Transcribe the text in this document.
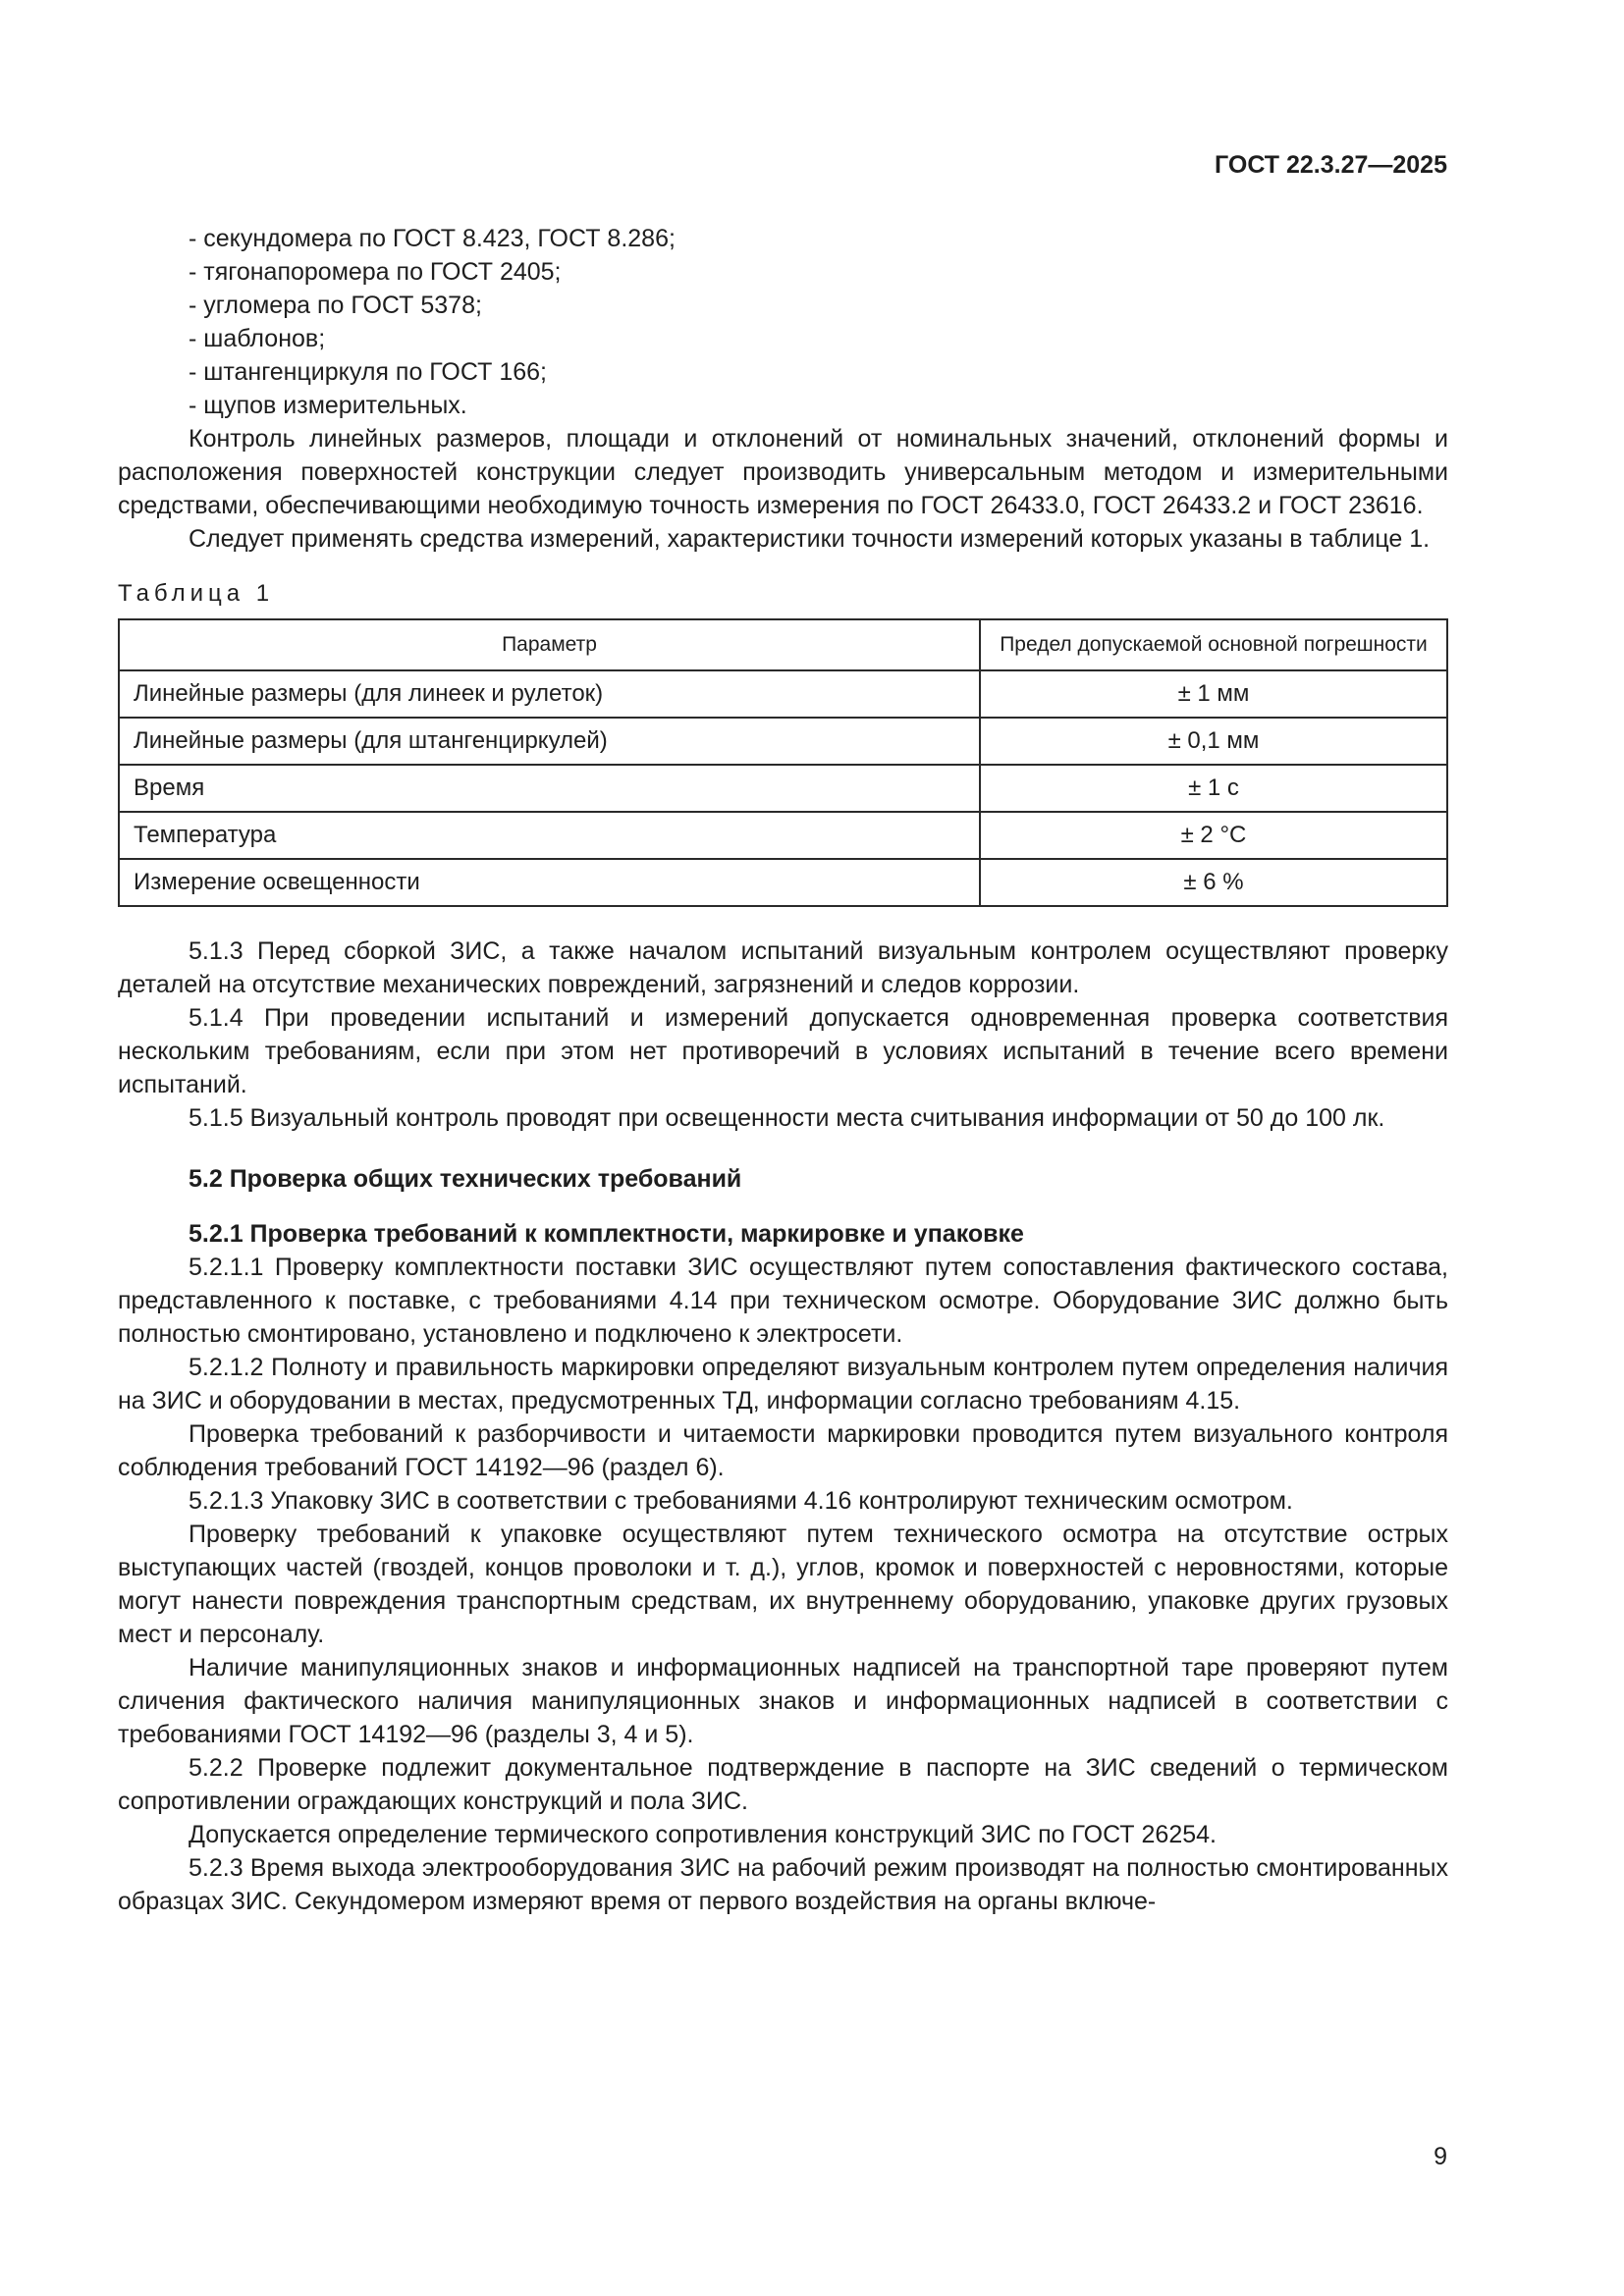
ГОСТ 22.3.27—2025

- секундомера по ГОСТ 8.423, ГОСТ 8.286;

- тягонапоромера по ГОСТ 2405;

- угломера по ГОСТ 5378;

- шаблонов;

- штангенциркуля по ГОСТ 166;

- щупов измерительных.

Контроль линейных размеров, площади и отклонений от номинальных значений, отклонений формы и расположения поверхностей конструкции следует производить универсальным методом и измерительными средствами, обеспечивающими необходимую точность измерения по ГОСТ 26433.0, ГОСТ 26433.2 и ГОСТ 23616.

Следует применять средства измерений, характеристики точности измерений которых указаны в таблице 1.

Таблица 1
Параметр	Предел допускаемой основной погрешности
Линейные размеры (для линеек и рулеток)	± 1 мм
Линейные размеры (для штангенциркулей)	± 0,1 мм
Время	± 1 с
Температура	± 2 °С
Измерение освещенности	± 6 %

5.1.3 Перед сборкой ЗИС, а также началом испытаний визуальным контролем осуществляют проверку деталей на отсутствие механических повреждений, загрязнений и следов коррозии.

5.1.4 При проведении испытаний и измерений допускается одновременная проверка соответствия нескольким требованиям, если при этом нет противоречий в условиях испытаний в течение всего времени испытаний.

5.1.5 Визуальный контроль проводят при освещенности места считывания информации от 50 до 100 лк.

5.2 Проверка общих технических требований

5.2.1 Проверка требований к комплектности, маркировке и упаковке

5.2.1.1 Проверку комплектности поставки ЗИС осуществляют путем сопоставления фактического состава, представленного к поставке, с требованиями 4.14 при техническом осмотре. Оборудование ЗИС должно быть полностью смонтировано, установлено и подключено к электросети.

5.2.1.2 Полноту и правильность маркировки определяют визуальным контролем путем определения наличия на ЗИС и оборудовании в местах, предусмотренных ТД, информации согласно требованиям 4.15.

Проверка требований к разборчивости и читаемости маркировки проводится путем визуального контроля соблюдения требований ГОСТ 14192—96 (раздел 6).

5.2.1.3 Упаковку ЗИС в соответствии с требованиями 4.16 контролируют техническим осмотром.

Проверку требований к упаковке осуществляют путем технического осмотра на отсутствие острых выступающих частей (гвоздей, концов проволоки и т. д.), углов, кромок и поверхностей с неровностями, которые могут нанести повреждения транспортным средствам, их внутреннему оборудованию, упаковке других грузовых мест и персоналу.

Наличие манипуляционных знаков и информационных надписей на транспортной таре проверяют путем сличения фактического наличия манипуляционных знаков и информационных надписей в соответствии с требованиями ГОСТ 14192—96 (разделы 3, 4 и 5).

5.2.2 Проверке подлежит документальное подтверждение в паспорте на ЗИС сведений о термическом сопротивлении ограждающих конструкций и пола ЗИС.

Допускается определение термического сопротивления конструкций ЗИС по ГОСТ 26254.

5.2.3 Время выхода электрооборудования ЗИС на рабочий режим производят на полностью смонтированных образцах ЗИС. Секундомером измеряют время от первого воздействия на органы включе-

9
